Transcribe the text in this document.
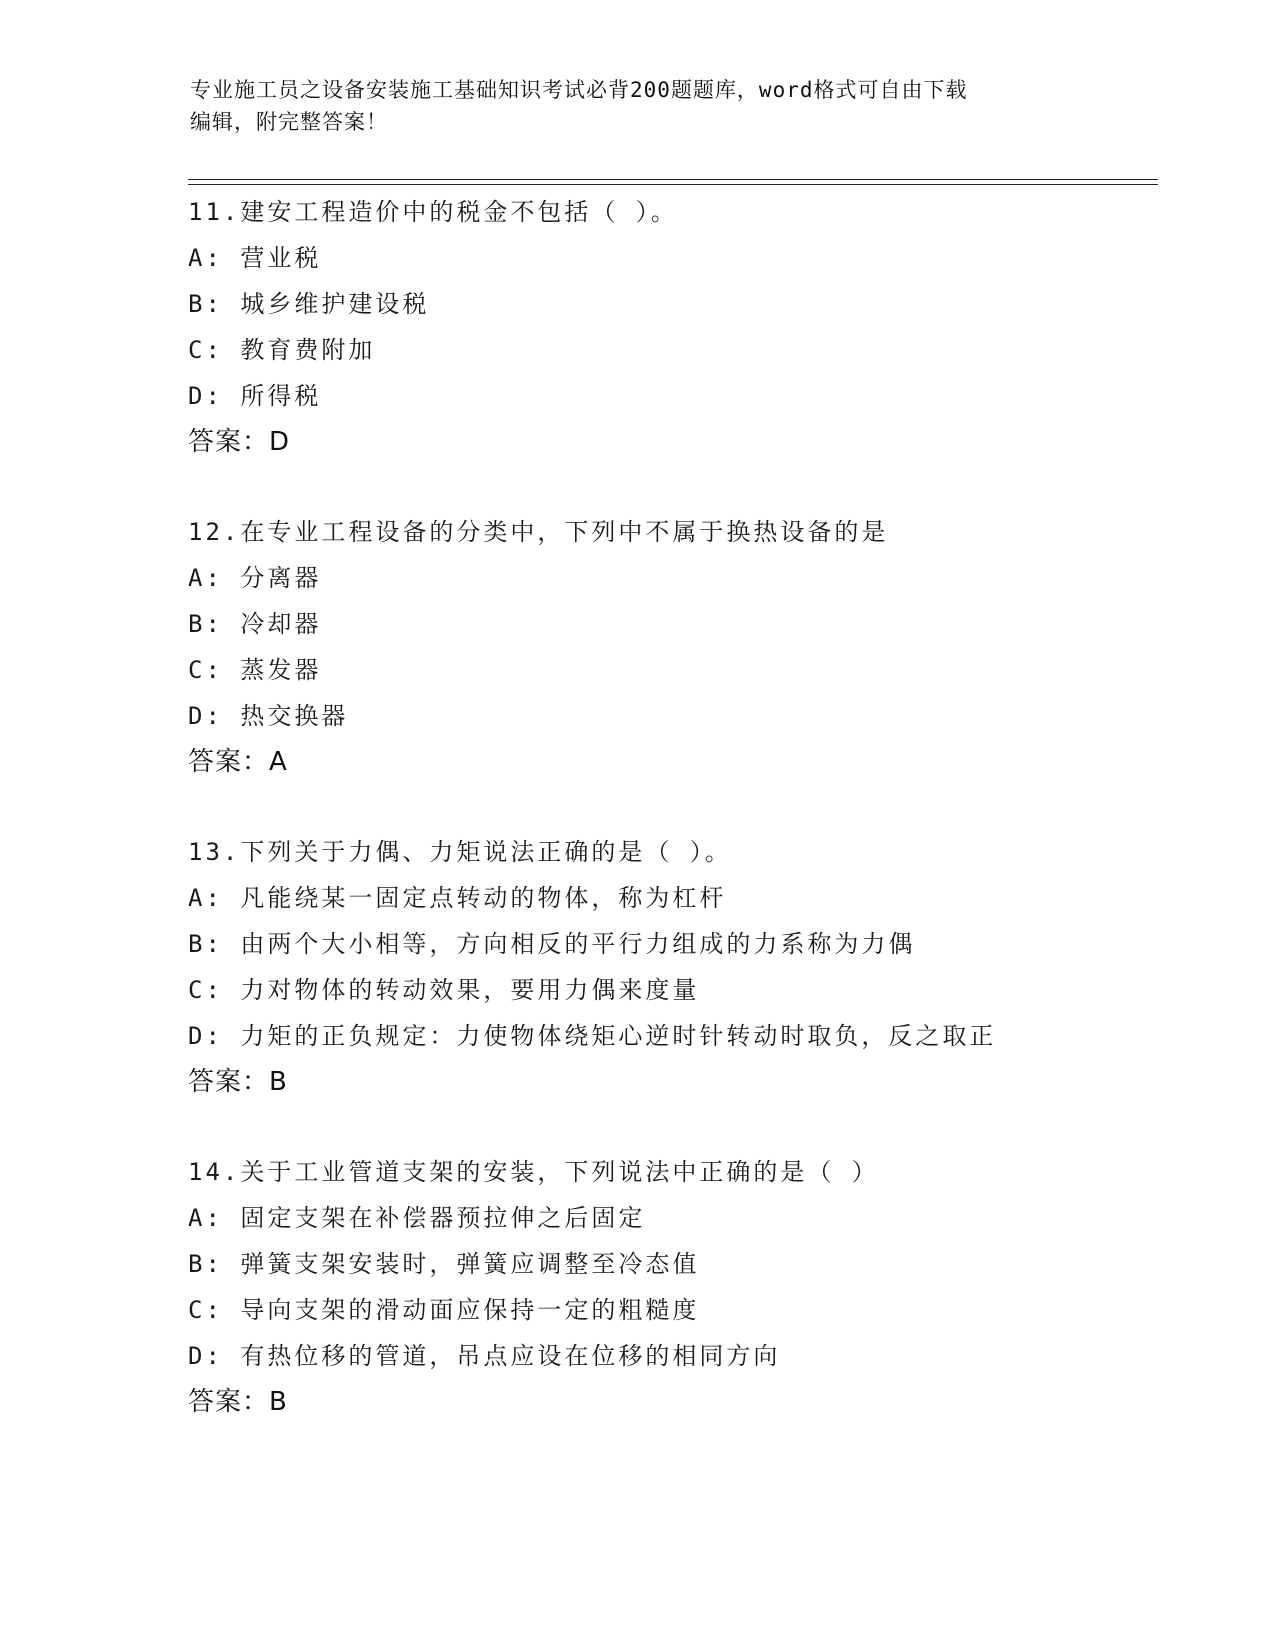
专业施工员之设备安装施工基础知识考试必背200题题库，word格式可自由下载
编辑，附完整答案！
11.建安工程造价中的税金不包括（ ）。
A: 营业税
B: 城乡维护建设税
C: 教育费附加
D: 所得税
答案：D
12.在专业工程设备的分类中，下列中不属于换热设备的是
A: 分离器
B: 冷却器
C: 蒸发器
D: 热交换器
答案：A
13.下列关于力偶、力矩说法正确的是（ ）。
A: 凡能绕某一固定点转动的物体，称为杠杆
B: 由两个大小相等，方向相反的平行力组成的力系称为力偶
C: 力对物体的转动效果，要用力偶来度量
D: 力矩的正负规定：力使物体绕矩心逆时针转动时取负，反之取正
答案：B
14.关于工业管道支架的安装，下列说法中正确的是（ ）
A: 固定支架在补偿器预拉伸之后固定
B: 弹簧支架安装时，弹簧应调整至冷态值
C: 导向支架的滑动面应保持一定的粗糙度
D: 有热位移的管道，吊点应设在位移的相同方向
答案：B
